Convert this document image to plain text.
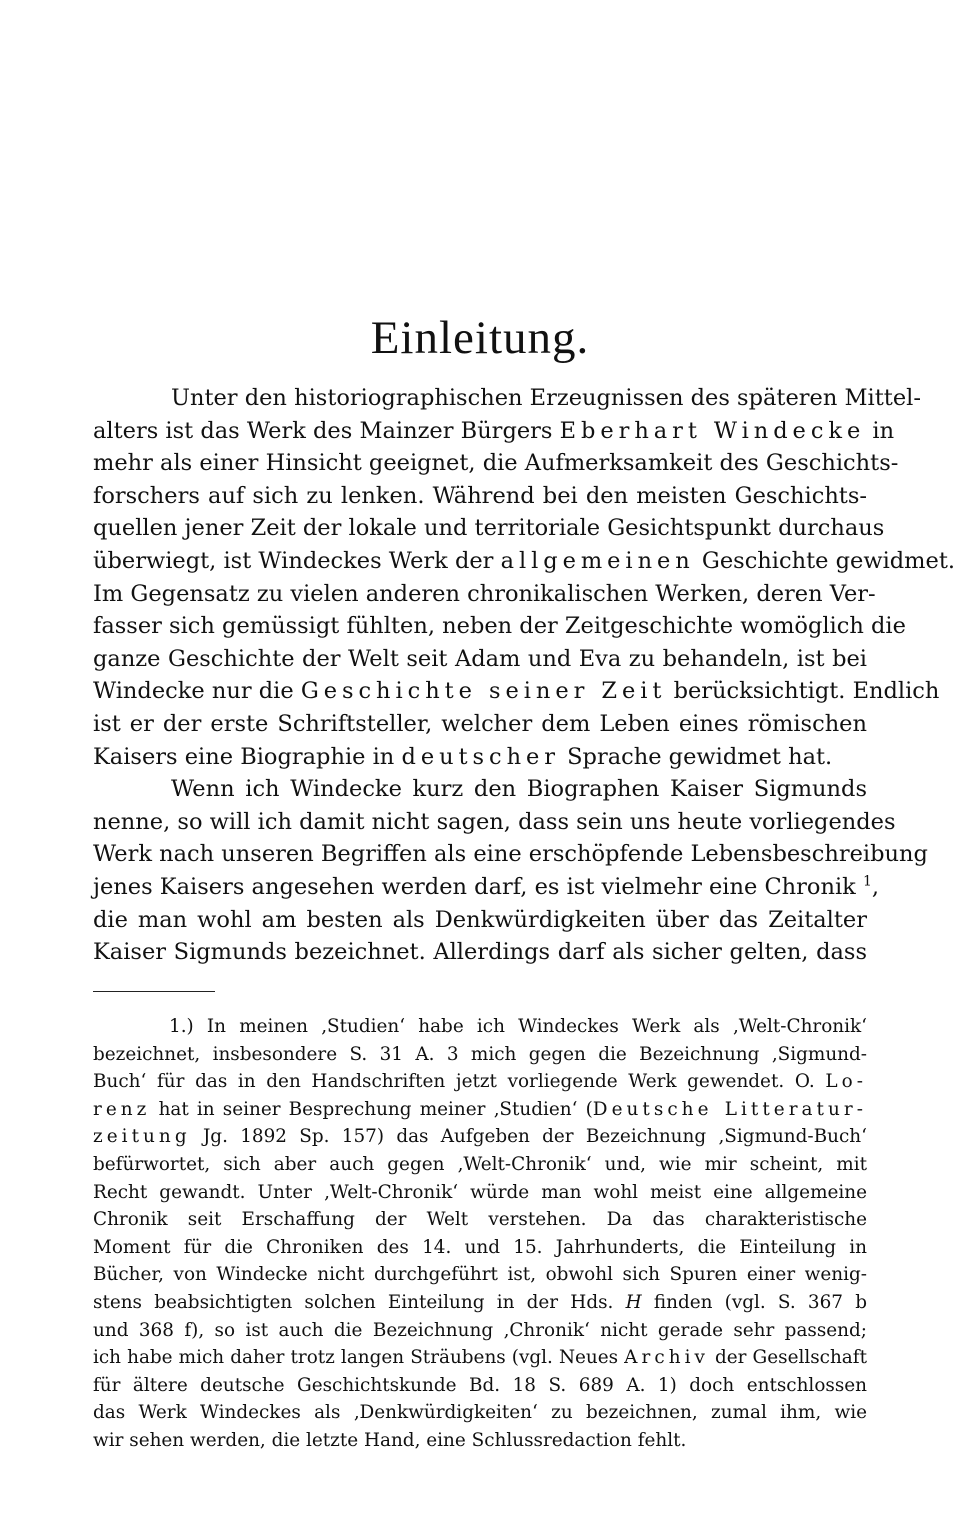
Einleitung.
Unter den historiographischen Erzeugnissen des späteren Mittel-
alters ist das Werk des Mainzer Bürgers Eberhart Windecke in
mehr als einer Hinsicht geeignet, die Aufmerksamkeit des Geschichts-
forschers auf sich zu lenken. Während bei den meisten Geschichts-
quellen jener Zeit der lokale und territoriale Gesichtspunkt durchaus
überwiegt, ist Windeckes Werk der allgemeinen Geschichte gewidmet.
Im Gegensatz zu vielen anderen chronikalischen Werken, deren Ver-
fasser sich gemüssigt fühlten, neben der Zeitgeschichte womöglich die
ganze Geschichte der Welt seit Adam und Eva zu behandeln, ist bei
Windecke nur die Geschichte seiner Zeit berücksichtigt. Endlich
ist er der erste Schriftsteller, welcher dem Leben eines römischen
Kaisers eine Biographie in deutscher Sprache gewidmet hat.
Wenn ich Windecke kurz den Biographen Kaiser Sigmunds
nenne, so will ich damit nicht sagen, dass sein uns heute vorliegendes
Werk nach unseren Begriffen als eine erschöpfende Lebensbeschreibung
jenes Kaisers angesehen werden darf, es ist vielmehr eine Chronik $^1$,
die man wohl am besten als Denkwürdigkeiten über das Zeitalter
Kaiser Sigmunds bezeichnet. Allerdings darf als sicher gelten, dass
1.) In meinen ‚Studien‘ habe ich Windeckes Werk als ‚Welt-Chronik‘
bezeichnet, insbesondere S. 31 A. 3 mich gegen die Bezeichnung ‚Sigmund-
Buch‘ für das in den Handschriften jetzt vorliegende Werk gewendet. O. Lo-
renz hat in seiner Besprechung meiner ‚Studien‘ (Deutsche Litteratur-
zeitung Jg. 1892 Sp. 157) das Aufgeben der Bezeichnung ‚Sigmund-Buch‘
befürwortet, sich aber auch gegen ‚Welt-Chronik‘ und, wie mir scheint, mit
Recht gewandt. Unter ‚Welt-Chronik‘ würde man wohl meist eine allgemeine
Chronik seit Erschaffung der Welt verstehen. Da das charakteristische
Moment für die Chroniken des 14. und 15. Jahrhunderts, die Einteilung in
Bücher, von Windecke nicht durchgeführt ist, obwohl sich Spuren einer wenig-
stens beabsichtigten solchen Einteilung in der Hds. H finden (vgl. S. 367 b
und 368 f), so ist auch die Bezeichnung ‚Chronik‘ nicht gerade sehr passend;
ich habe mich daher trotz langen Sträubens (vgl. Neues Archiv der Gesellschaft
für ältere deutsche Geschichtskunde Bd. 18 S. 689 A. 1) doch entschlossen
das Werk Windeckes als ‚Denkwürdigkeiten‘ zu bezeichnen, zumal ihm, wie
wir sehen werden, die letzte Hand, eine Schlussredaction fehlt.
